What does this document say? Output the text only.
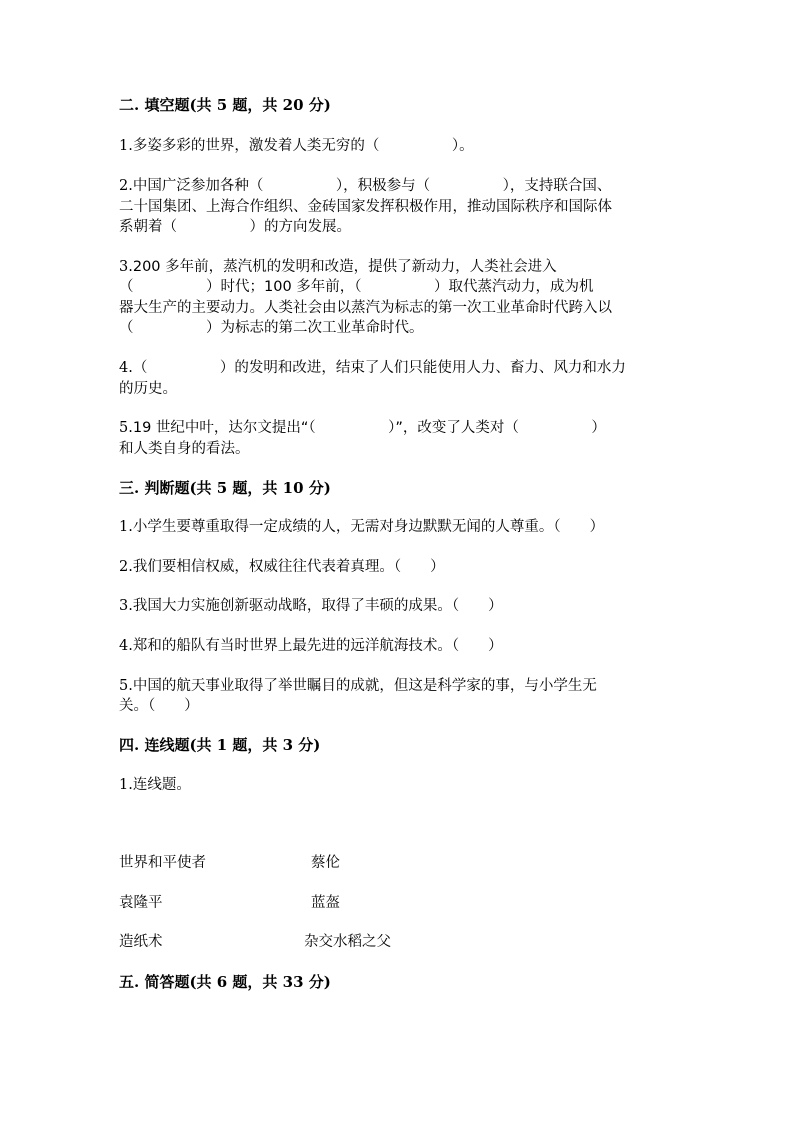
二. 填空题(共 5 题，共 20 分)
1.多姿多彩的世界，激发着人类无穷的（　　　　　）。
2.中国广泛参加各种（　　　　　），积极参与（　　　　　），支持联合国、
二十国集团、上海合作组织、金砖国家发挥积极作用，推动国际秩序和国际体
系朝着（　　　　　）的方向发展。
3.200 多年前，蒸汽机的发明和改造，提供了新动力，人类社会进入
（　　　　　）时代；100 多年前，（　　　　　）取代蒸汽动力，成为机
器大生产的主要动力。人类社会由以蒸汽为标志的第一次工业革命时代跨入以
（　　　　　）为标志的第二次工业革命时代。
4.（　　　　　）的发明和改进，结束了人们只能使用人力、畜力、风力和水力
的历史。
5.19 世纪中叶，达尔文提出“（　　　　　）”，改变了人类对（　　　　　）
和人类自身的看法。
三. 判断题(共 5 题，共 10 分)
1.小学生要尊重取得一定成绩的人，无需对身边默默无闻的人尊重。（　　）
2.我们要相信权威，权威往往代表着真理。（　　）
3.我国大力实施创新驱动战略，取得了丰硕的成果。（　　）
4.郑和的船队有当时世界上最先进的远洋航海技术。（　　）
5.中国的航天事业取得了举世瞩目的成就，但这是科学家的事，与小学生无
关。（　　）
四. 连线题(共 1 题，共 3 分)
1.连线题。
世界和平使者	蔡伦
袁隆平	蓝盔
造纸术	杂交水稻之父
五. 简答题(共 6 题，共 33 分)
